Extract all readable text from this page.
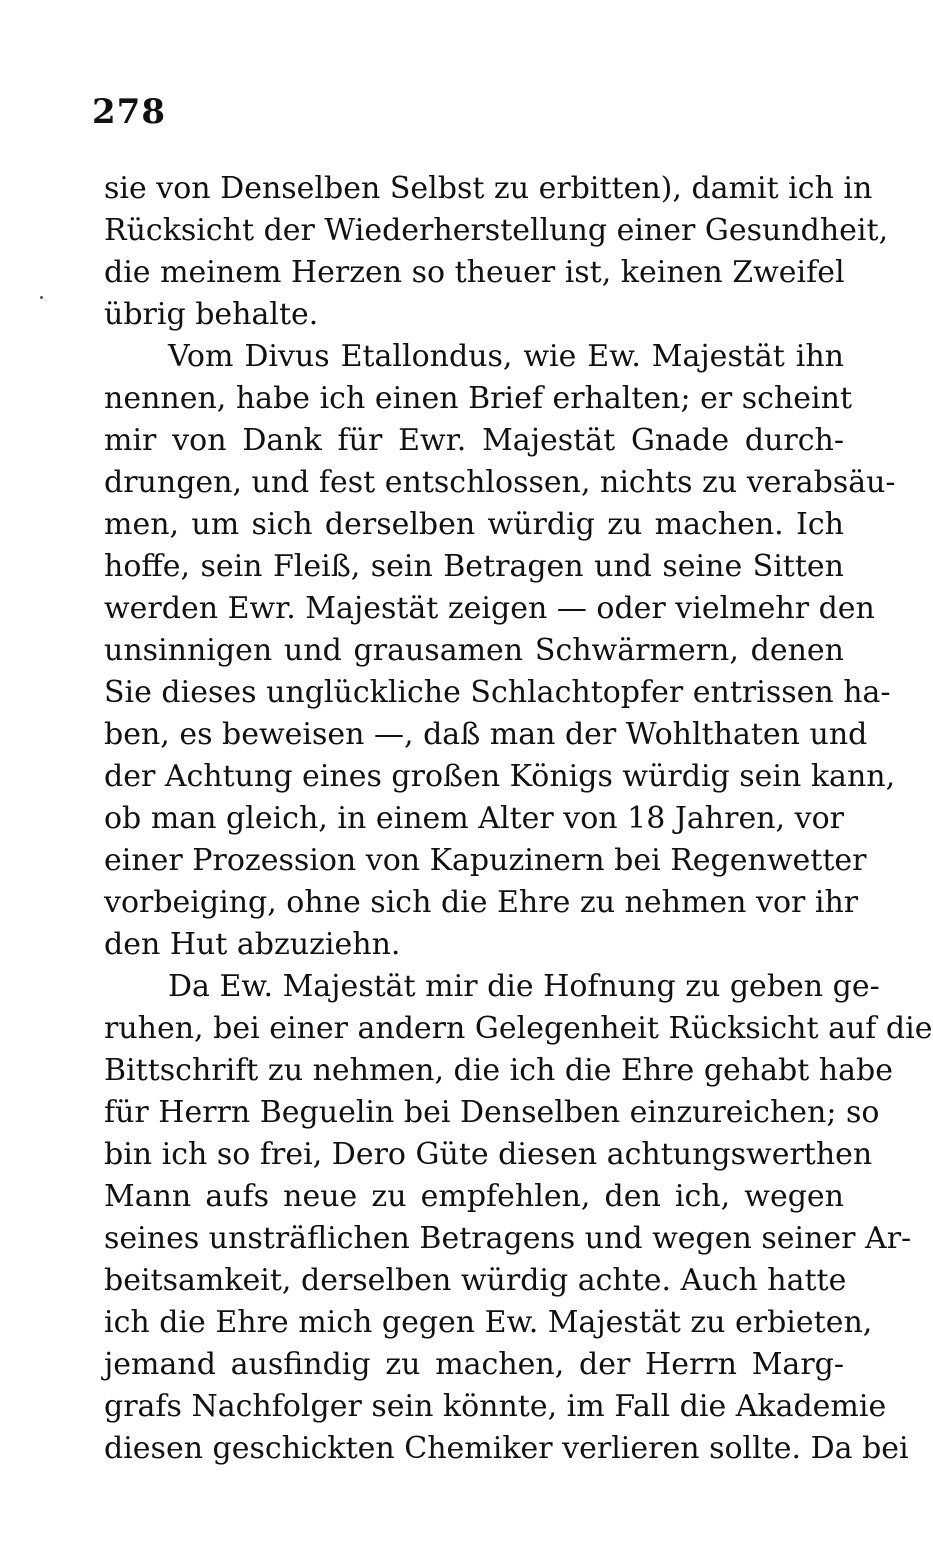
278
sie von Denselben Selbst zu erbitten), damit ich in
Rücksicht der Wiederherstellung einer Gesundheit,
die meinem Herzen so theuer ist, keinen Zweifel
übrig behalte.
Vom Divus Etallondus, wie Ew. Majestät ihn
nennen, habe ich einen Brief erhalten; er scheint
mir von Dank für Ewr. Majestät Gnade durch-
drungen, und fest entschlossen, nichts zu verabsäu-
men, um sich derselben würdig zu machen. Ich
hoffe, sein Fleiß, sein Betragen und seine Sitten
werden Ewr. Majestät zeigen — oder vielmehr den
unsinnigen und grausamen Schwärmern, denen
Sie dieses unglückliche Schlachtopfer entrissen ha-
ben, es beweisen —, daß man der Wohlthaten und
der Achtung eines großen Königs würdig sein kann,
ob man gleich, in einem Alter von 18 Jahren, vor
einer Prozession von Kapuzinern bei Regenwetter
vorbeiging, ohne sich die Ehre zu nehmen vor ihr
den Hut abzuziehn.
Da Ew. Majestät mir die Hofnung zu geben ge-
ruhen, bei einer andern Gelegenheit Rücksicht auf die
Bittschrift zu nehmen, die ich die Ehre gehabt habe
für Herrn Beguelin bei Denselben einzureichen; so
bin ich so frei, Dero Güte diesen achtungswerthen
Mann aufs neue zu empfehlen, den ich, wegen
seines unsträflichen Betragens und wegen seiner Ar-
beitsamkeit, derselben würdig achte. Auch hatte
ich die Ehre mich gegen Ew. Majestät zu erbieten,
jemand ausfindig zu machen, der Herrn Marg-
grafs Nachfolger sein könnte, im Fall die Akademie
diesen geschickten Chemiker verlieren sollte. Da bei
